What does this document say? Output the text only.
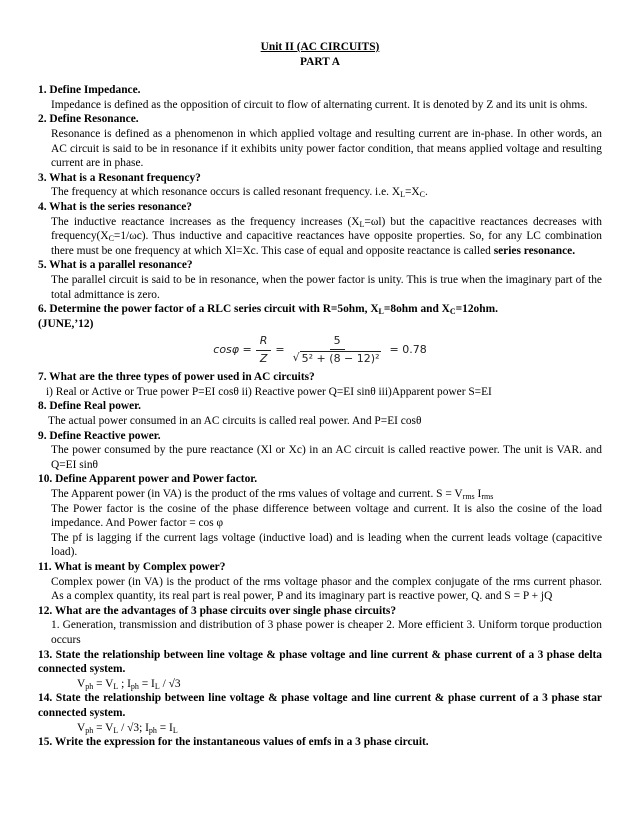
Unit II (AC CIRCUITS)
PART A
1. Define Impedance.
Impedance is defined as the opposition of circuit to flow of alternating current. It is denoted by Z and its unit is ohms.
2. Define Resonance.
Resonance is defined as a phenomenon in which applied voltage and resulting current are in-phase. In other words, an AC circuit is said to be in resonance if it exhibits unity power factor condition, that means applied voltage and resulting current are in phase.
3. What is a Resonant frequency?
The frequency at which resonance occurs is called resonant frequency. i.e. $X_L=X_C$.
4. What is the series resonance?
The inductive reactance increases as the frequency increases $(X_L=\omega l)$ but the capacitive reactances decreases with $frequency(X_C=1/\omega c)$. Thus inductive and capacitive reactances have opposite properties. So, for any LC combination there must be one frequency at which Xl=Xc. This case of equal and opposite reactance is called series resonance.
5. What is a parallel resonance?
The parallel circuit is said to be in resonance, when the power factor is unity. This is true when the imaginary part of the total admittance is zero.
6. Determine the power factor of a RLC series circuit with R=5ohm, $X_L=8ohm$ and $X_C=12ohm$.
(JUNE,’12)
$\cos\varphi = \frac{R}{Z} = \frac{5}{\text{√ 5² + (8 − 12)²}} = 0.78$
7. What are the three types of power used in AC circuits?
i) Real or Active or True power P=EI cosθ ii) Reactive power Q=EI sinθ iii)Apparent power S=EI
8. Define Real power.
The actual power consumed in an AC circuits is called real power. And P=EI cosθ
9. Define Reactive power.
The power consumed by the pure reactance (Xl or Xc) in an AC circuit is called reactive power. The unit is VAR. and Q=EI sinθ
10. Define Apparent power and Power factor.
The Apparent power (in VA) is the product of the rms values of voltage and current. $S = V_{rms}$ $I_{rms}$
The Power factor is the cosine of the phase difference between voltage and current. It is also the cosine of the load impedance. And Power factor = cos φ
The pf is lagging if the current lags voltage (inductive load) and is leading when the current leads voltage (capacitive load).
11. What is meant by Complex power?
Complex power (in VA) is the product of the rms voltage phasor and the complex conjugate of the rms current phasor. As a complex quantity, its real part is real power, P and its imaginary part is reactive power, Q. and S = P + jQ
12. What are the advantages of 3 phase circuits over single phase circuits?
1. Generation, transmission and distribution of 3 phase power is cheaper 2. More efficient 3. Uniform torque production occurs
13. State the relationship between line voltage & phase voltage and line current & phase current of a 3 phase delta connected system.
$V_{ph} = V_L$ ; $I_{ph} = I_L / √3$
14. State the relationship between line voltage & phase voltage and line current & phase current of a 3 phase star connected system.
$V_{ph} = V_L / √3$; $I_{ph} = I_L$
15. Write the expression for the instantaneous values of emfs in a 3 phase circuit.
